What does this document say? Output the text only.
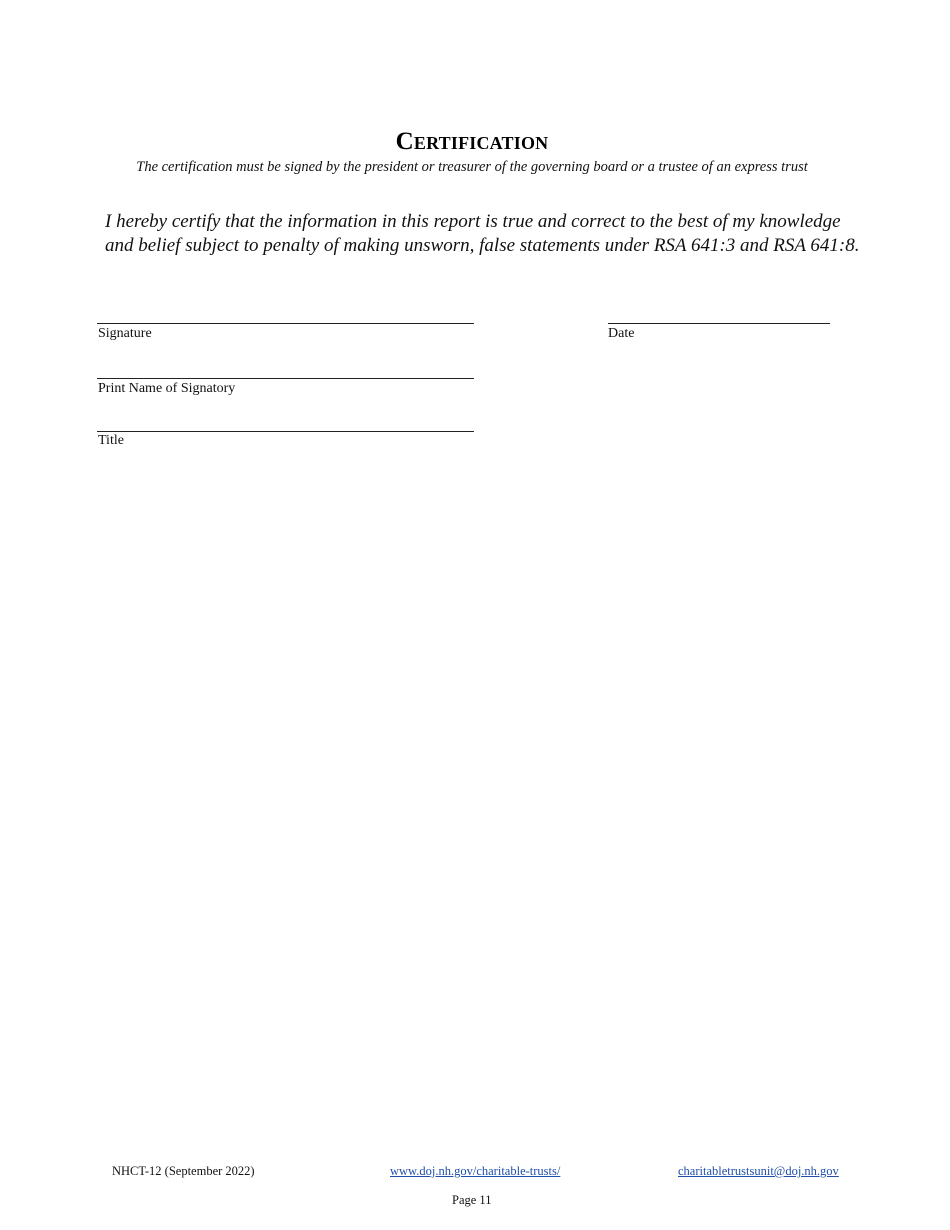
Certification
The certification must be signed by the president or treasurer of the governing board or a trustee of an express trust
I hereby certify that the information in this report is true and correct to the best of my knowledge and belief subject to penalty of making unsworn, false statements under RSA 641:3 and RSA 641:8.
Signature	Date
Print Name of Signatory
Title
NHCT-12 (September 2022)	www.doj.nh.gov/charitable-trusts/	charitabletrustsunit@doj.nh.gov
Page 11
